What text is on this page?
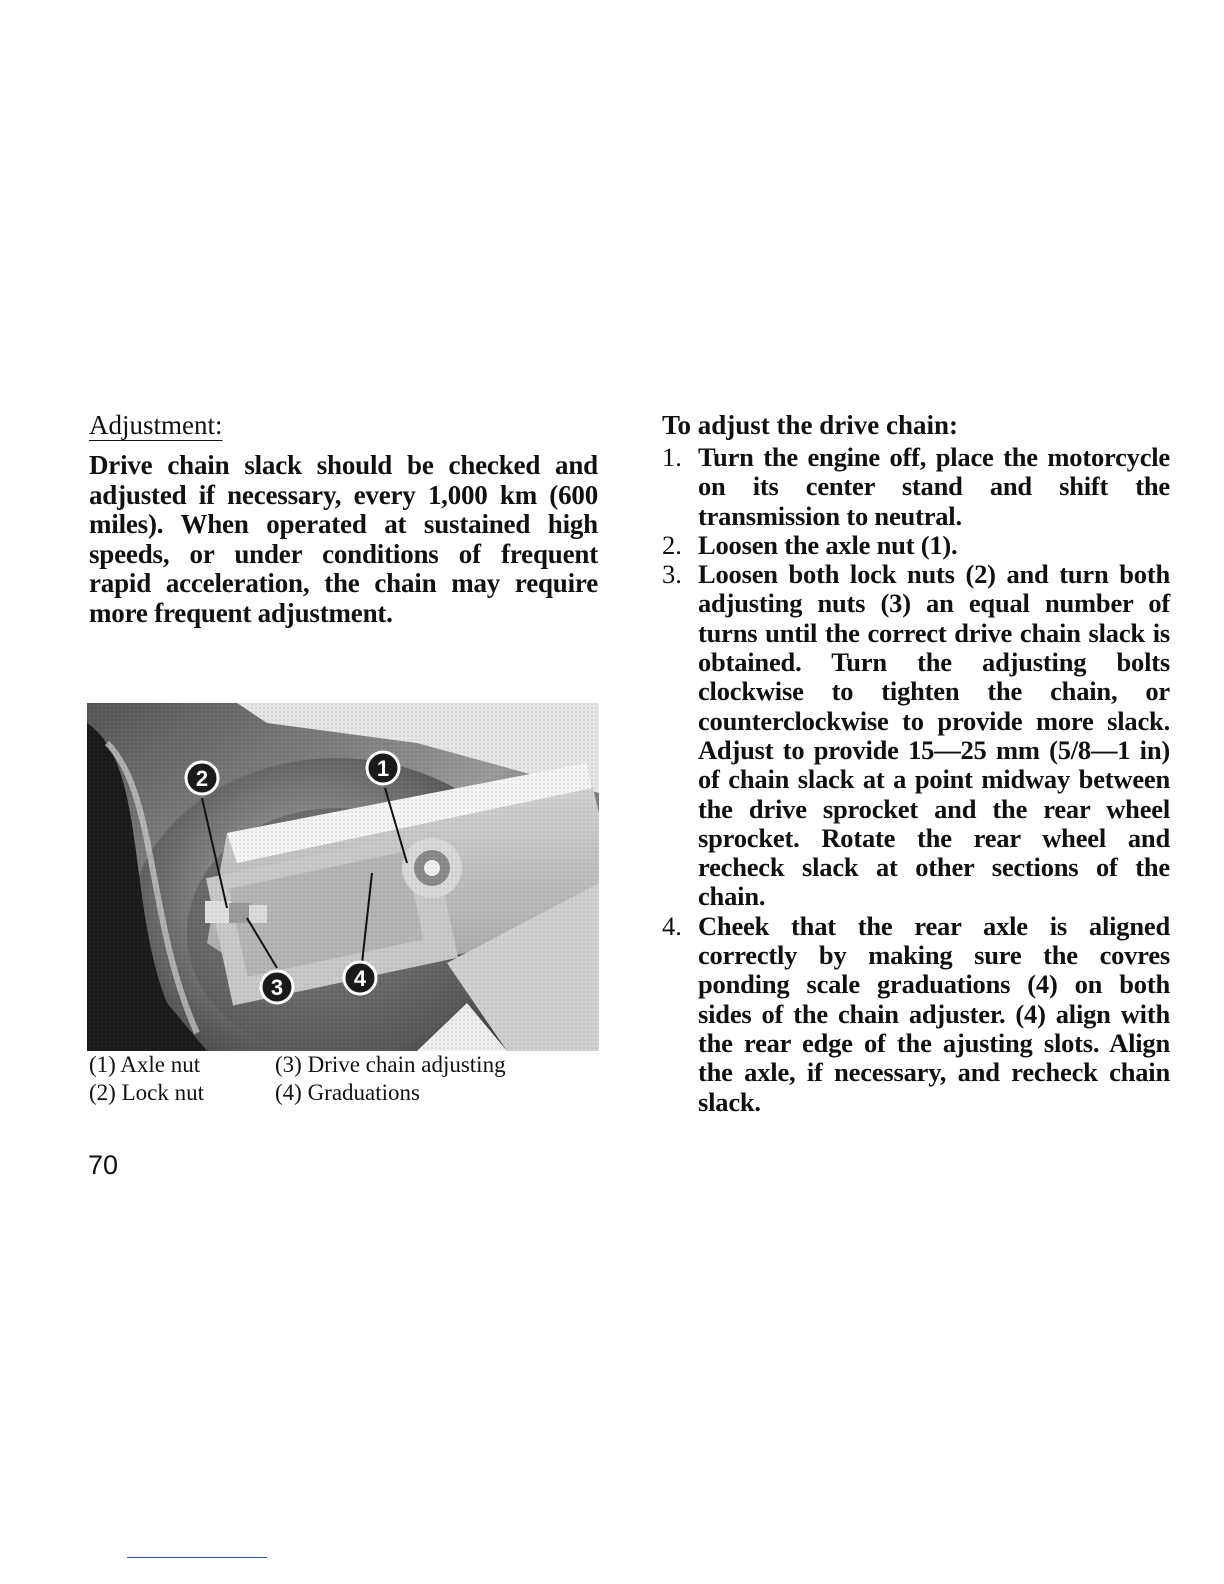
Adjustment:
Drive chain slack should be checked and adjusted if necessary, every 1,000 km (600 miles). When operated at sustained high speeds, or under conditions of frequent rapid acceleration, the chain may require more frequent adjustment.
2	1
3	4
(1) Axle nut	(3) Drive chain adjusting
(2) Lock nut	(4) Graduations
70
To adjust the drive chain:
1. Turn the engine off, place the motorcycle on its center stand and shift the transmission to neutral.
2. Loosen the axle nut (1).
3. Loosen both lock nuts (2) and turn both adjusting nuts (3) an equal number of turns until the correct drive chain slack is obtained. Turn the adjusting bolts clockwise to tighten the chain, or counterclockwise to provide more slack. Adjust to provide 15—25 mm (5/8—1 in) of chain slack at a point midway between the drive sprocket and the rear wheel sprocket. Rotate the rear wheel and recheck slack at other sections of the chain.
4. Cheek that the rear axle is aligned correctly by making sure the covres ponding scale graduations (4) on both sides of the chain adjuster. (4) align with the rear edge of the ajusting slots. Align the axle, if necessary, and recheck chain slack.
